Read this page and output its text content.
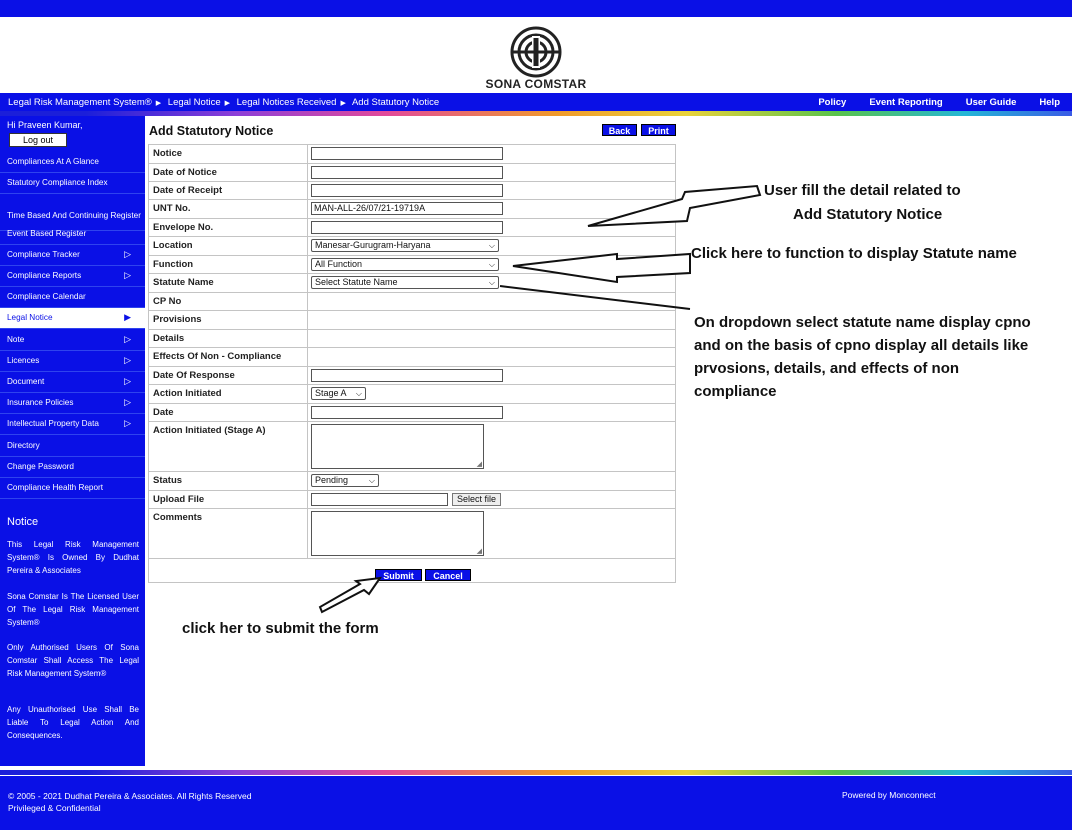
SONA COMSTAR
Legal Risk Management System® ▶ Legal Notice ▶ Legal Notices Received ▶ Add Statutory Notice	Policy Event Reporting User Guide Help
Hi Praveen Kumar,
Log out
Compliances At A Glance
Statutory Compliance Index
Time Based And Continuing Register
Event Based Register
Compliance Tracker	▷
Compliance Reports	▷
Compliance Calendar
Legal Notice	▶
Note	▷
Licences	▷
Document	▷
Insurance Policies	▷
Intellectual Property Data	▷
Directory
Change Password
Compliance Health Report
Notice
This Legal Risk Management System® Is Owned By Dudhat Pereira & Associates
Sona Comstar Is The Licensed User Of The Legal Risk Management System®
Only Authorised Users Of Sona Comstar Shall Access The Legal Risk Management System®
Any Unauthorised Use Shall Be Liable To Legal Action And Consequences.
Add Statutory Notice	Back	Print
Notice	

Date of Notice	

Date of Receipt	

UNT No.	MAN-ALL-26/07/21-19719A

Envelope No.	

Location	Manesar-Gurugram-Haryana ⌵

Function	All Function ⌵

Statute Name	Select Statute Name ⌵

CP No	
Provisions	
Details	
Effects Of Non - Compliance	
Date Of Response	

Action Initiated	Stage A ⌵

Date	

Action Initiated (Stage A)	◢

Status	Pending ⌵

Upload File	Select file
Comments	◢

Submit	Cancel
User fill the detail related to
Add Statutory Notice
Click here to function to display Statute name
On dropdown select statute name display cpno
and on the basis of cpno display all details like
prvosions, details, and effects of non
compliance
click her to submit the form
© 2005 - 2021 Dudhat Pereira & Associates. All Rights Reserved
Privileged & Confidential
Powered by Monconnect
